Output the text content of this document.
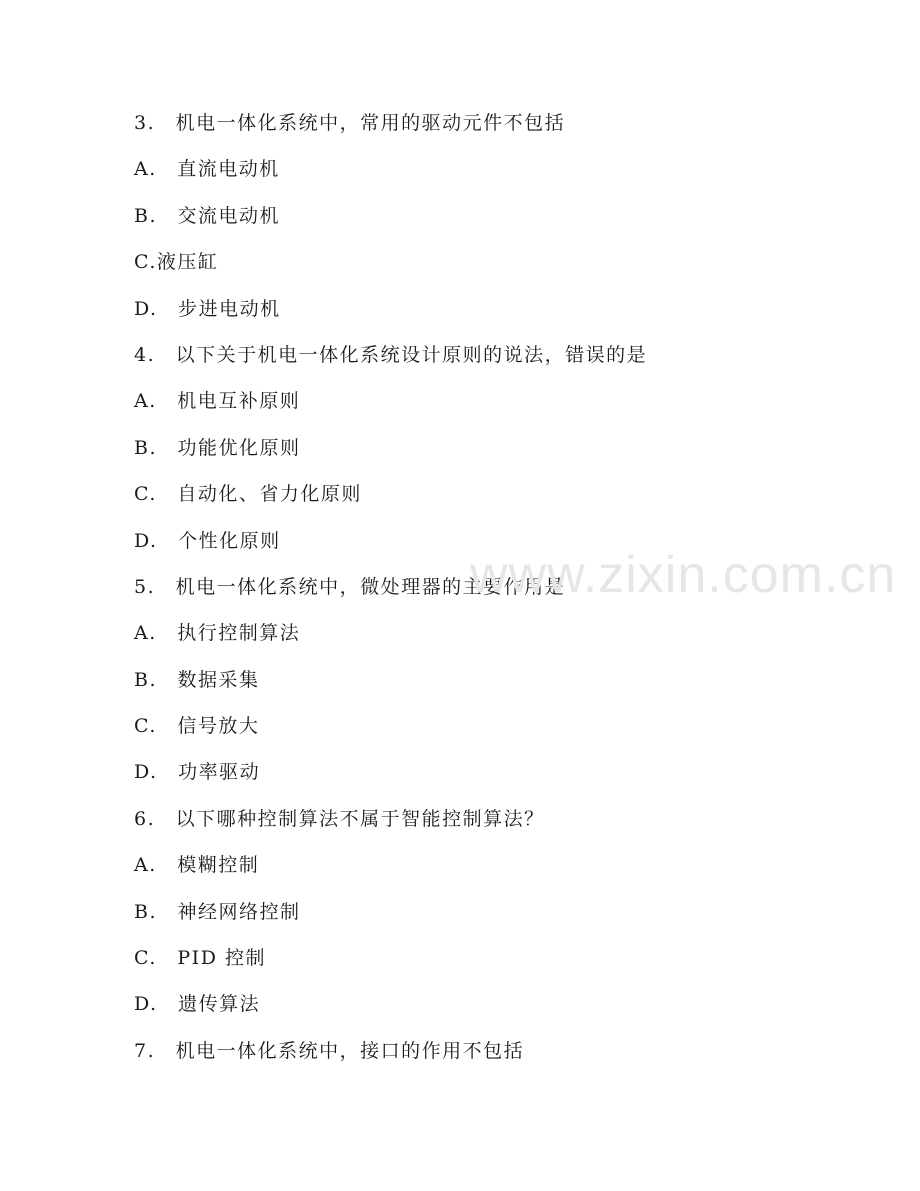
3.　机电一体化系统中，常用的驱动元件不包括
A.　直流电动机
B.　交流电动机
C.液压缸
D.　步进电动机
4.　以下关于机电一体化系统设计原则的说法，错误的是
A.　机电互补原则
B.　功能优化原则
C.　自动化、省力化原则
D.　个性化原则
5.　机电一体化系统中，微处理器的主要作用是
A.　执行控制算法
B.　数据采集
C.　信号放大
D.　功率驱动
6.　以下哪种控制算法不属于智能控制算法？
A.　模糊控制
B.　神经网络控制
C.　PID 控制
D.　遗传算法
7.　机电一体化系统中，接口的作用不包括
www.zixin.com.cn
